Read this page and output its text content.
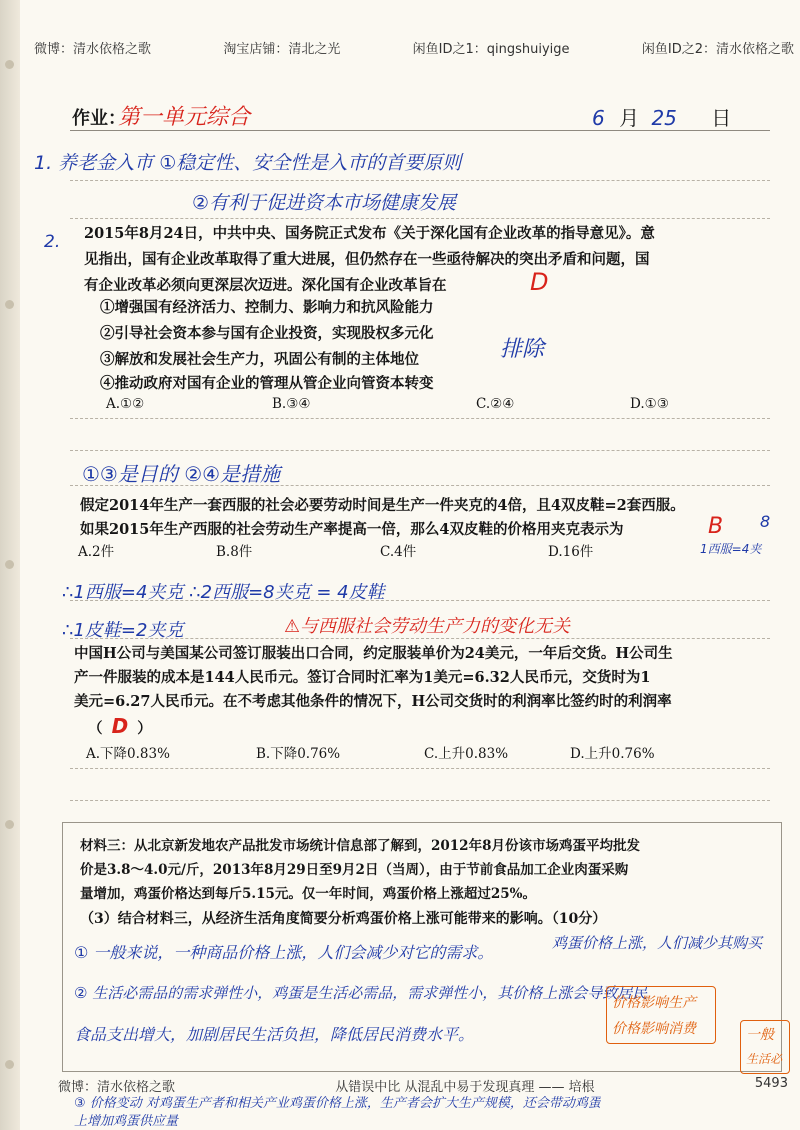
微博：清水依格之歌	淘宝店铺：清北之光	闲鱼ID之1：qingshuiyige	闲鱼ID之2：清水依格之歌
作业：
第一单元综合	6 月 25 日
1. 养老金入市 ①稳定性、安全性是入市的首要原则
②有利于促进资本市场健康发展
2. 2015年8月24日，中共中央、国务院正式发布《关于深化国有企业改革的指导意见》。意
见指出，国有企业改革取得了重大进展，但仍然存在一些亟待解决的突出矛盾和问题，国
有企业改革必须向更深层次迈进。深化国有企业改革旨在	D
①增强国有经济活力、控制力、影响力和抗风险能力
②引导社会资本参与国有企业投资，实现股权多元化
③解放和发展社会生产力，巩固公有制的主体地位
④推动政府对国有企业的管理从管企业向管资本转变
排除
A.①②	B.③④	C.②④	D.①③
①③是目的 ②④是措施
假定2014年生产一套西服的社会必要劳动时间是生产一件夹克的4倍，且4双皮鞋=2套西服。
如果2015年生产西服的社会劳动生产率提高一倍，那么4双皮鞋的价格用夹克表示为	B 8
1西服=4夹
A.2件	B.8件	C.4件	D.16件
∴1西服=4夹克 ∴2西服=8夹克 = 4皮鞋
∴1皮鞋=2夹克	⚠与西服社会劳动生产力的变化无关
中国H公司与美国某公司签订服装出口合同，约定服装单价为24美元，一年后交货。H公司生
产一件服装的成本是144人民币元。签订合同时汇率为1美元=6.32人民币元，交货时为1
美元=6.27人民币元。在不考虑其他条件的情况下，H公司交货时的利润率比签约时的利润率
（ D ）
A.下降0.83%	B.下降0.76%	C.上升0.83%	D.上升0.76%
材料三：从北京新发地农产品批发市场统计信息部了解到，2012年8月份该市场鸡蛋平均批发
价是3.8～4.0元/斤，2013年8月29日至9月2日（当周），由于节前食品加工企业肉蛋采购
量增加，鸡蛋价格达到每斤5.15元。仅一年时间，鸡蛋价格上涨超过25%。
（3）结合材料三，从经济生活角度简要分析鸡蛋价格上涨可能带来的影响。（10分）
① 一般来说，一种商品价格上涨，人们会减少对它的需求。	鸡蛋价格上涨，人们减少其购买
② 生活必需品的需求弹性小，鸡蛋是生活必需品，需求弹性小，其价格上涨会导致居民
食品支出增大，加剧居民生活负担，降低居民消费水平。
价格影响生产
价格影响消费	一般
生活必
微博：清水依格之歌	从错误中比 从混乱中易于发现真理 —— 培根	5493
③ 价格变动 对鸡蛋生产者和相关产业鸡蛋价格上涨，生产者会扩大生产规模，还会带动鸡蛋
上增加鸡蛋供应量
